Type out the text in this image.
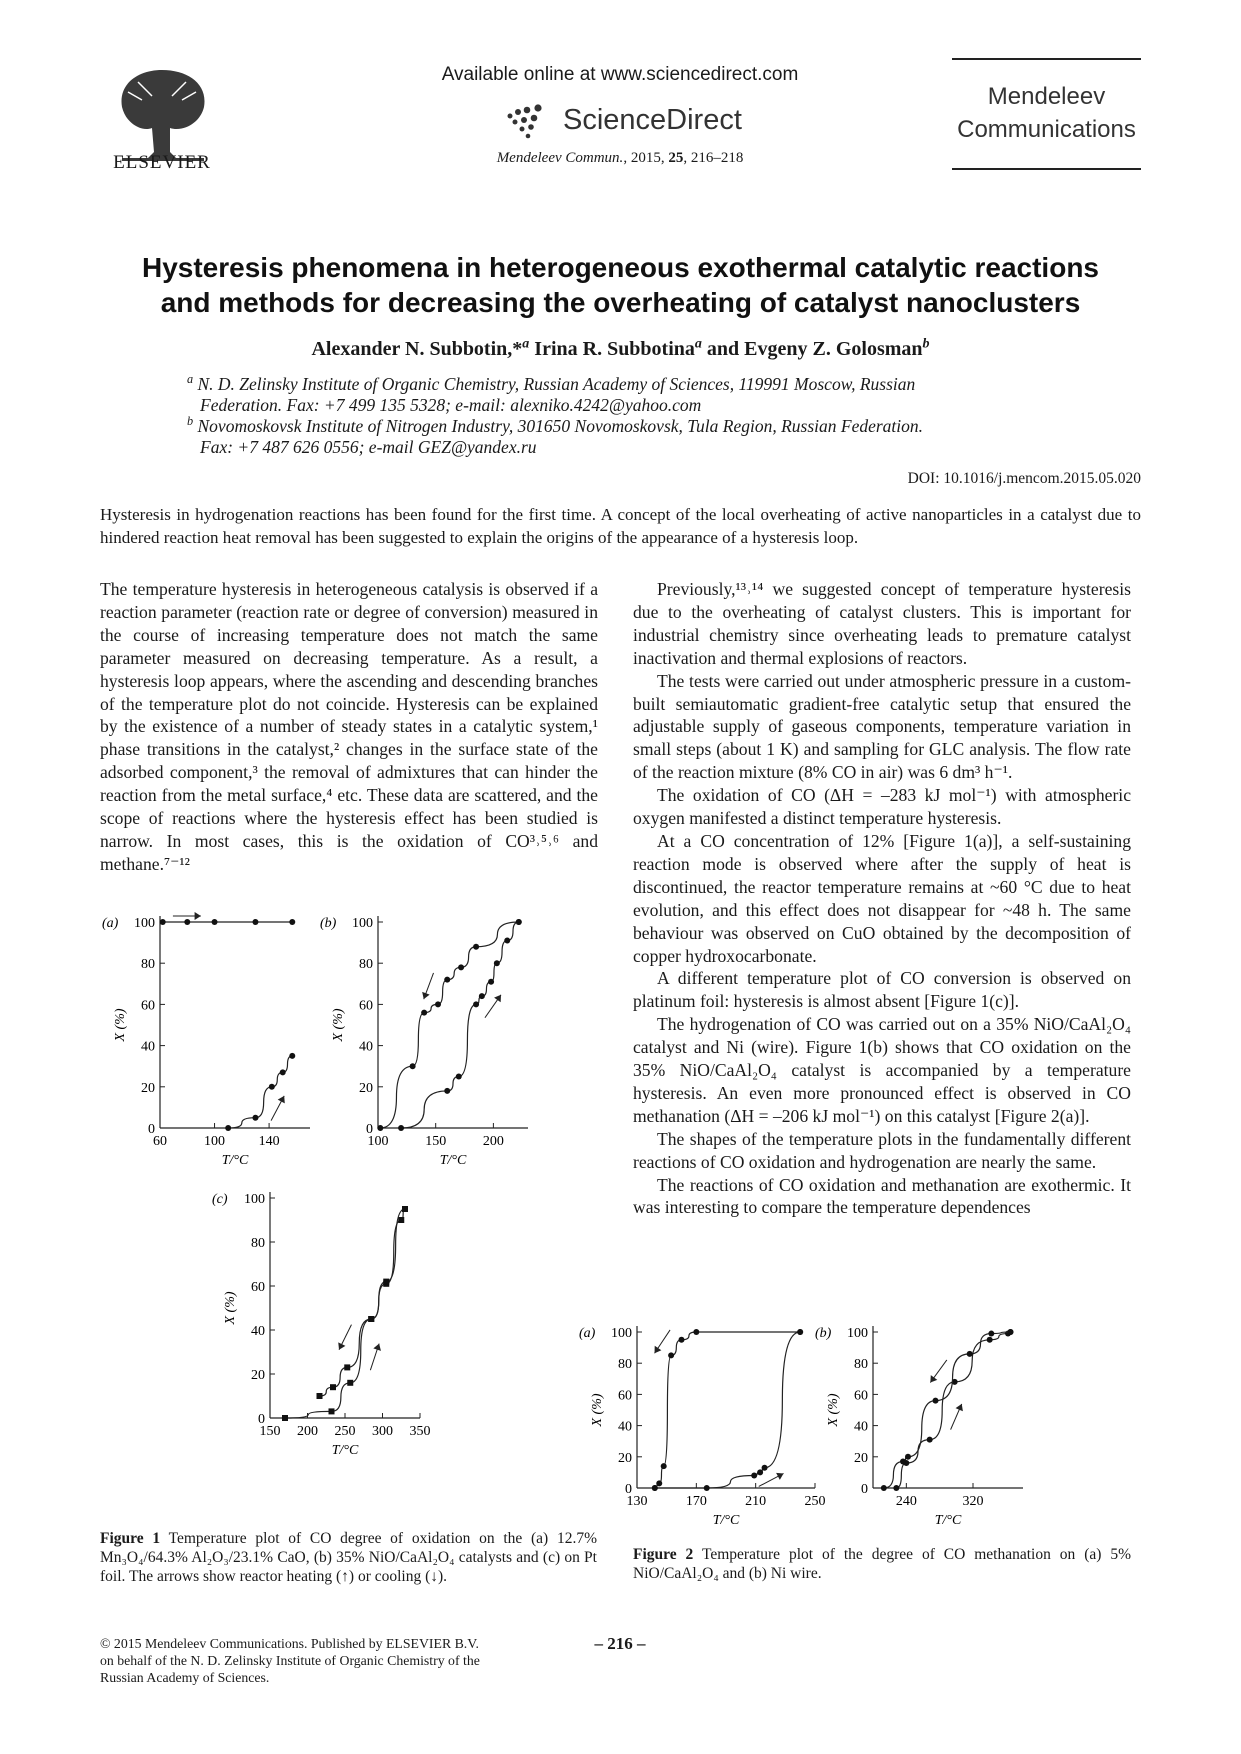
ELSEVIER
Available online at www.sciencedirect.com
ScienceDirect
Mendeleev Commun., 2015, 25, 216–218
Mendeleev
Communications
Hysteresis phenomena in heterogeneous exothermal catalytic reactions
and methods for decreasing the overheating of catalyst nanoclusters
Alexander N. Subbotin,*$^a$ Irina R. Subbotina$^a$ and Evgeny Z. Golosman$^b$
$^a$ N. D. Zelinsky Institute of Organic Chemistry, Russian Academy of Sciences, 119991 Moscow, Russian
Federation. Fax: +7 499 135 5328; e-mail: alexniko.4242@yahoo.com
$^b$ Novomoskovsk Institute of Nitrogen Industry, 301650 Novomoskovsk, Tula Region, Russian Federation.
Fax: +7 487 626 0556; e-mail GEZ@yandex.ru
DOI: 10.1016/j.mencom.2015.05.020
Hysteresis in hydrogenation reactions has been found for the first time. A concept of the local overheating of active nanoparticles in a catalyst due to hindered reaction heat removal has been suggested to explain the origins of the appearance of a hysteresis loop.

The temperature hysteresis in heterogeneous catalysis is observed if a reaction parameter (reaction rate or degree of conversion) measured in the course of increasing temperature does not match the same parameter measured on decreasing temperature. As a result, a hysteresis loop appears, where the ascending and descending branches of the temperature plot do not coincide. Hysteresis can be explained by the existence of a number of steady states in a catalytic system,¹ phase transitions in the catalyst,² changes in the surface state of the adsorbed component,³ the removal of admixtures that can hinder the reaction from the metal surface,⁴ etc. These data are scattered, and the scope of reactions where the hysteresis effect has been studied is narrow. In most cases, this is the oxidation of CO³˒⁵˒⁶ and methane.⁷⁻¹²

Previously,¹³˒¹⁴ we suggested concept of temperature hysteresis due to the overheating of catalyst clusters. This is important for industrial chemistry since overheating leads to premature catalyst inactivation and thermal explosions of reactors.

The tests were carried out under atmospheric pressure in a custom-built semiautomatic gradient-free catalytic setup that ensured the adjustable supply of gaseous components, temperature variation in small steps (about 1 K) and sampling for GLC analysis. The flow rate of the reaction mixture (8% CO in air) was 6 dm³ h⁻¹.

The oxidation of CO (ΔH = –283 kJ mol⁻¹) with atmospheric oxygen manifested a distinct temperature hysteresis.

At a CO concentration of 12% [Figure 1(a)], a self-sustaining reaction mode is observed where after the supply of heat is discontinued, the reactor temperature remains at ~60 °C due to heat evolution, and this effect does not disappear for ~48 h. The same behaviour was observed on CuO obtained by the decomposition of copper hydroxocarbonate.

A different temperature plot of CO conversion is observed on platinum foil: hysteresis is almost absent [Figure 1(c)].

The hydrogenation of CO was carried out on a 35% NiO/CaAl₂O₄ catalyst and Ni (wire). Figure 1(b) shows that CO oxidation on the 35% NiO/CaAl₂O₄ catalyst is accompanied by a temperature hysteresis. An even more pronounced effect is observed in CO methanation (ΔH = –206 kJ mol⁻¹) on this catalyst [Figure 2(a)].

The shapes of the temperature plots in the fundamentally different reactions of CO oxidation and hydrogenation are nearly the same.

The reactions of CO oxidation and methanation are exothermic. It was interesting to compare the temperature dependences

0
20
40
60
80
100
60	100 140
X (%)
T/°C
(a)
0
20
40
60
80
100
100	150	200
X (%)
T/°C
(b)
0
20
40
60
80
100
150 200 250 300 350
X (%)
T/°C
(c)
Figure 1 Temperature plot of CO degree of oxidation on the (a) 12.7% Mn₃O₄/64.3% Al₂O₃/23.1% CaO, (b) 35% NiO/CaAl₂O₄ catalysts and (c) on Pt foil. The arrows show reactor heating (↑) or cooling (↓).
0
20
40
60
80
100
130	170	210	250
X (%)
T/°C
(a)
0
20
40
60
80
100
240	320
X (%)
T/°C
(b)
Figure 2 Temperature plot of the degree of CO methanation on (a) 5% NiO/CaAl₂O₄ and (b) Ni wire.
© 2015 Mendeleev Communications. Published by ELSEVIER B.V.
on behalf of the N. D. Zelinsky Institute of Organic Chemistry of the
Russian Academy of Sciences.
– 216 –
